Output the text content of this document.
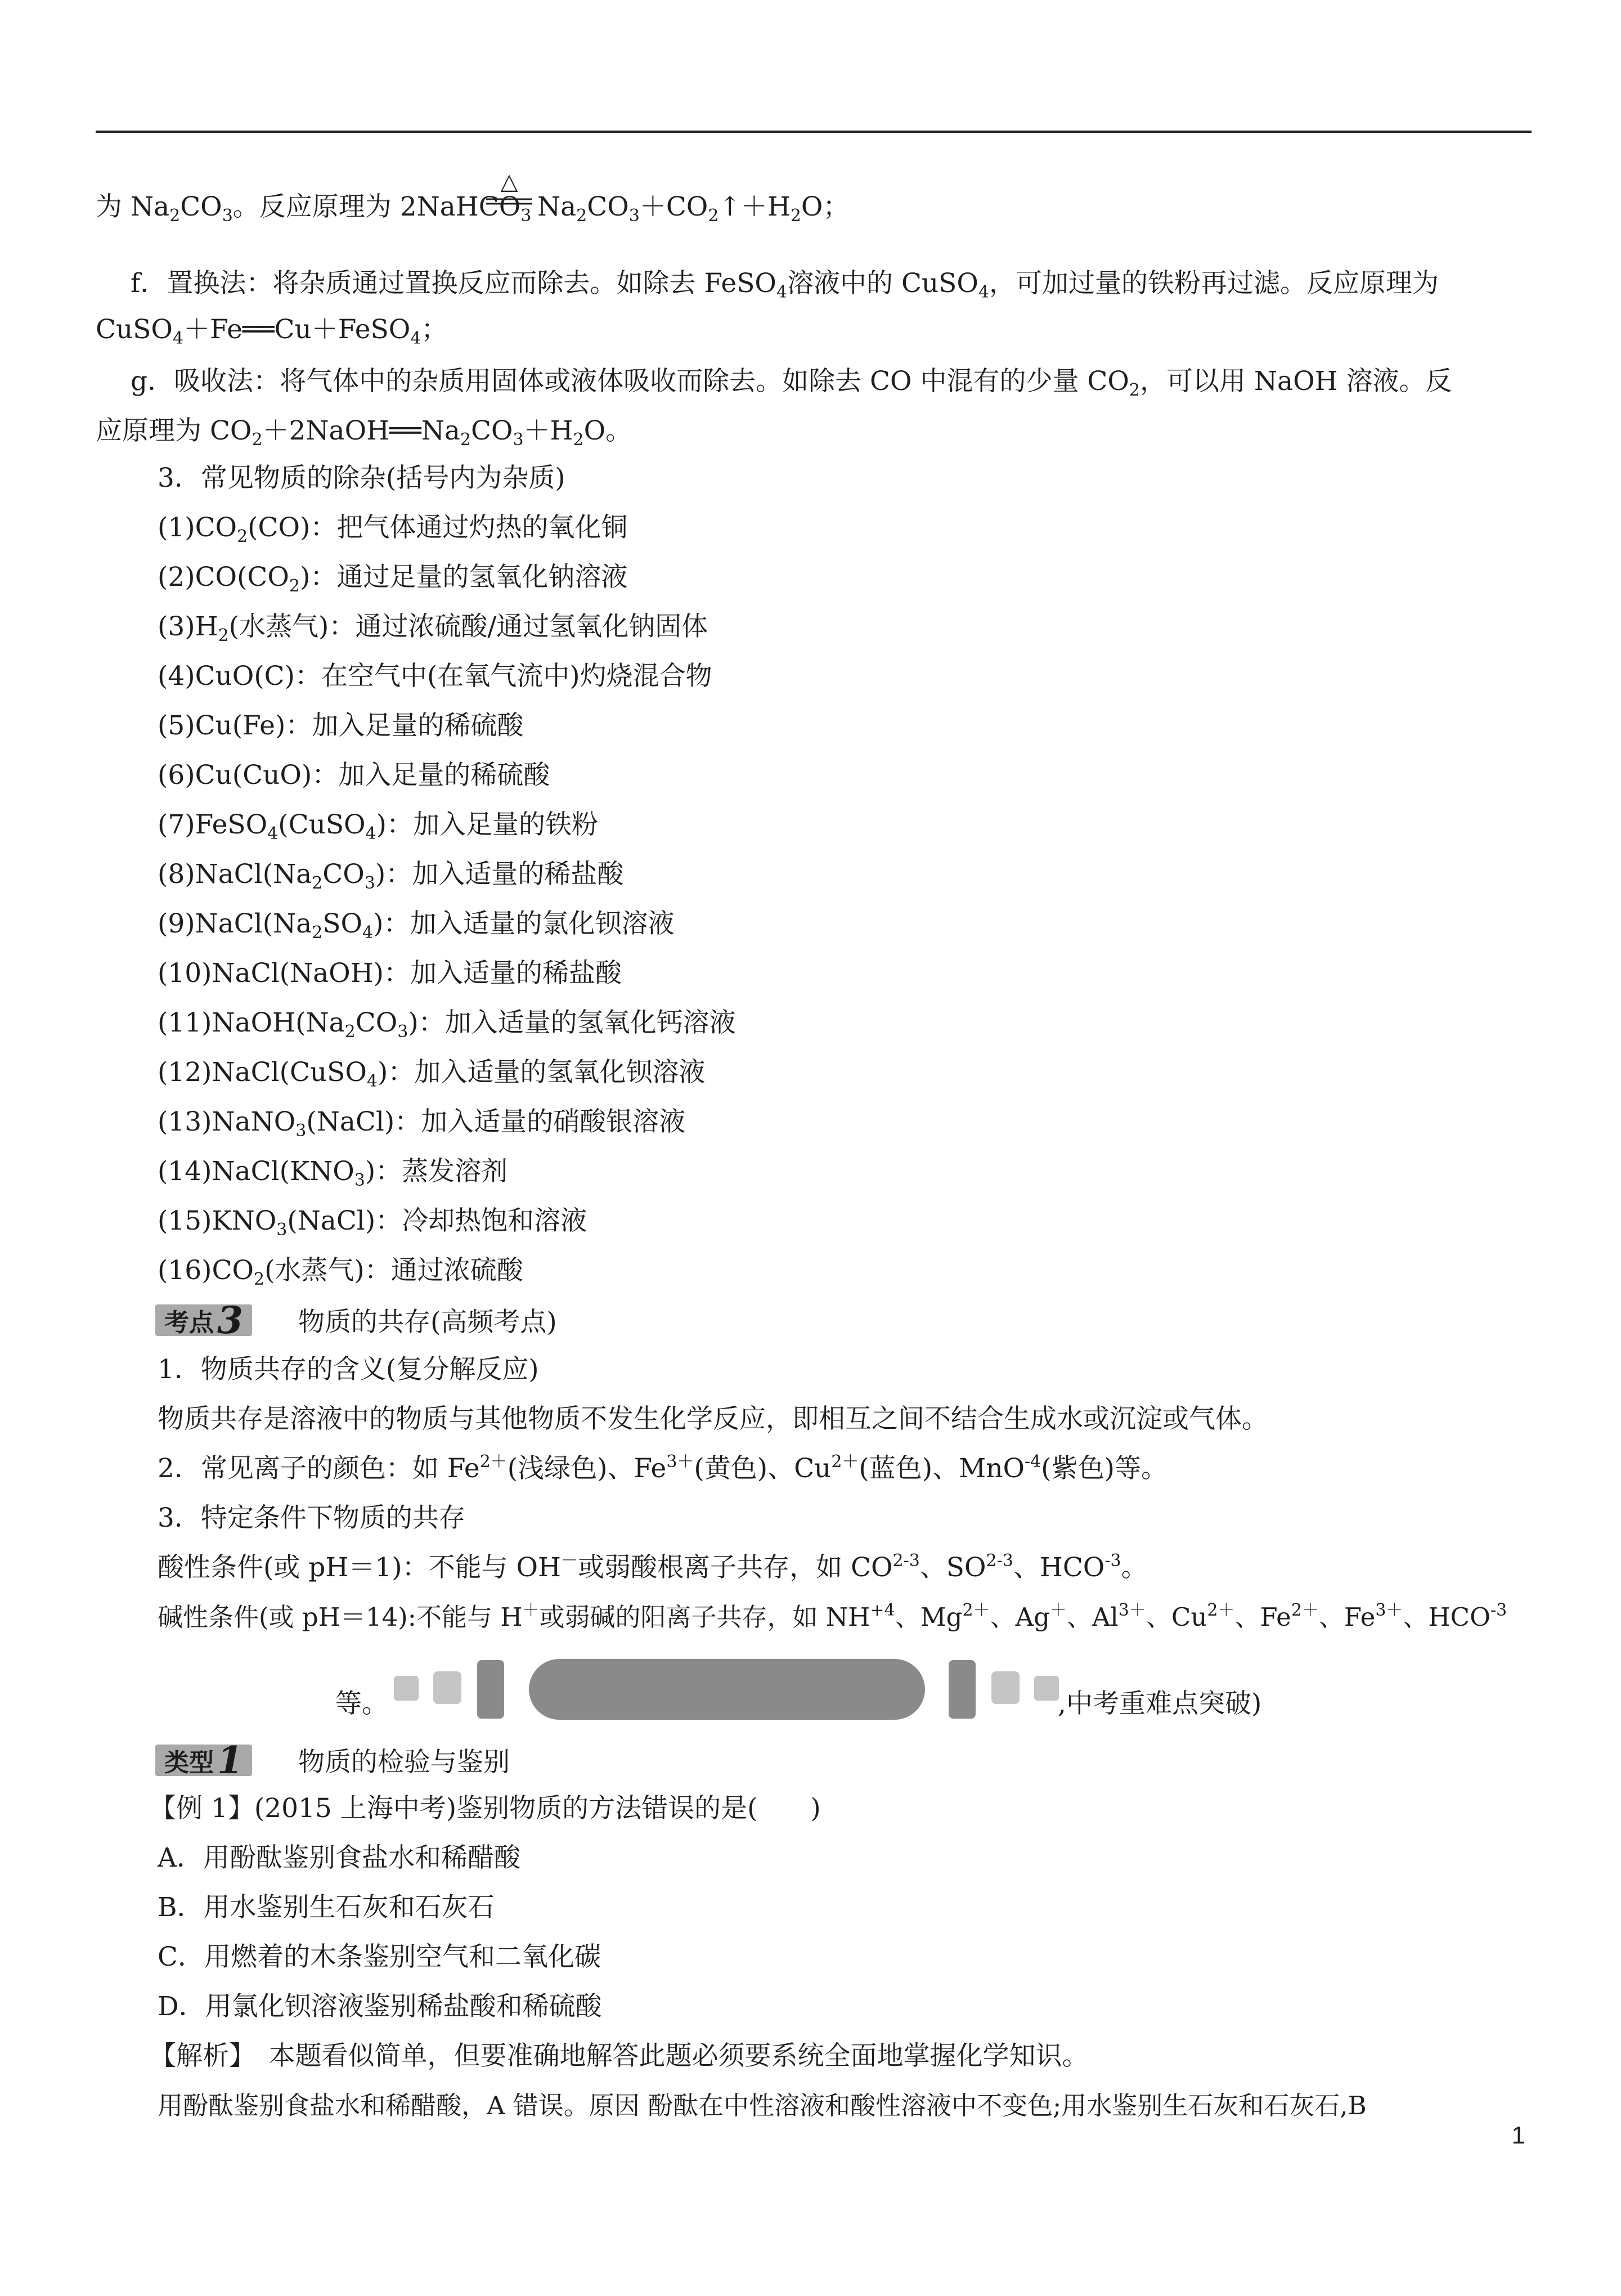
为 $Na_2CO_3$。反应原理为 2NaHCO$_3$
△
$Na_2CO_3+CO_2↑+H_2O$；
f．置换法：将杂质通过置换反应而除去。如除去 FeSO$_4$溶液中的 CuSO$_4$，可加过量的铁粉再过滤。反应原理为
CuSO$_4$＋Fe══Cu＋FeSO$_4$；
g．吸收法：将气体中的杂质用固体或液体吸收而除去。如除去 CO 中混有的少量 $CO_2$，可以用 NaOH 溶液。反
应原理为 $CO_2+2NaOH══Na_2CO_3+H_2O$。
3．常见物质的除杂(括号内为杂质)
$(1)CO_2(CO)$：把气体通过灼热的氧化铜
$(2)CO(CO_2)$：通过足量的氢氧化钠溶液
$(3)H_2$(水蒸气)：通过浓硫酸/通过氢氧化钠固体
(4)CuO(C)：在空气中(在氧气流中)灼烧混合物
(5)Cu(Fe)：加入足量的稀硫酸
(6)Cu(CuO)：加入足量的稀硫酸
(7)FeSO$_4$(CuSO$_4$)：加入足量的铁粉
$(8)NaCl(Na_2CO_3)$：加入适量的稀盐酸
$(9)NaCl(Na_2SO_4)$：加入适量的氯化钡溶液
(10)NaCl(NaOH)：加入适量的稀盐酸
$(11)NaOH(Na_2CO_3)$：加入适量的氢氧化钙溶液
(12)NaCl(CuSO$_4$)：加入适量的氢氧化钡溶液
(13)NaNO$_3$(NaCl)：加入适量的硝酸银溶液
$(14)NaCl(KNO_3)$：蒸发溶剂
$(15)KNO_3(NaCl)$：冷却热饱和溶液
$(16)CO_2$(水蒸气)：通过浓硫酸
考点3	物质的共存(高频考点)
1．物质共存的含义(复分解反应)
物质共存是溶液中的物质与其他物质不发生化学反应，即相互之间不结合生成水或沉淀或气体。
2．常见离子的颜色：如 $Fe^{2+}$(浅绿色)、$Fe^{3+}$(黄色)、$Cu^{2+}$(蓝色)、MnO$^{-4}$(紫色)等。
3．特定条件下物质的共存
酸性条件(或 pH＝1)：不能与 OH－或弱酸根离子共存，如 CO$^{2-3}$、SO$^{2-3}$、$HCO^{-3}$。
碱性条件(或 pH＝14):不能与 H＋或弱碱的阳离子共存，如 $NH^{+4}$、$Mg^{2+}$、Ag＋、$Al^{3+}$、$Cu^{2+}$、$Fe^{2+}$、$Fe^{3+}$、$HCO^{-3}$
等。	,中考重难点突破)
类型1	物质的检验与鉴别
【例 1】(2015 上海中考)鉴别物质的方法错误的是(　　)
A．用酚酞鉴别食盐水和稀醋酸
B．用水鉴别生石灰和石灰石
C．用燃着的木条鉴别空气和二氧化碳
D．用氯化钡溶液鉴别稀盐酸和稀硫酸
【解析】　本题看似简单，但要准确地解答此题必须要系统全面地掌握化学知识。
用酚酞鉴别食盐水和稀醋酸，A 错误。原因 酚酞在中性溶液和酸性溶液中不变色;用水鉴别生石灰和石灰石,B
1
